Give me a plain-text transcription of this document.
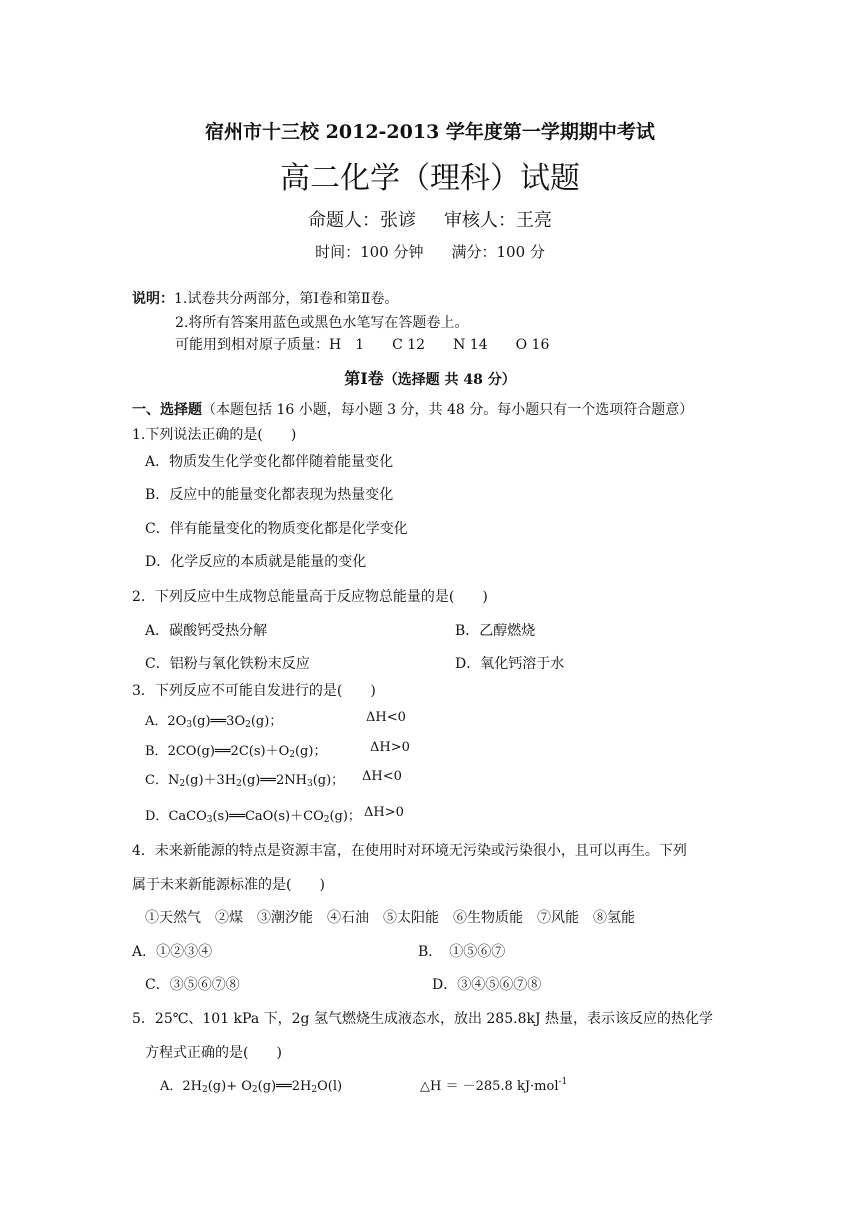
宿州市十三校 2012-2013 学年度第一学期期中考试
高二化学（理科）试题
命题人：张谚 审核人：王亮
时间：100 分钟 满分：100 分
说明：1.试卷共分两部分，第Ⅰ卷和第Ⅱ卷。
2.将所有答案用蓝色或黑色水笔写在答题卷上。
可能用到相对原子质量：H　1　　C 12　　N 14　　O 16
第Ⅰ卷（选择题 共 48 分）
一、选择题（本题包括 16 小题，每小题 3 分，共 48 分。每小题只有一个选项符合题意）
1.下列说法正确的是(　　)
A．物质发生化学变化都伴随着能量变化
B．反应中的能量变化都表现为热量变化
C．伴有能量变化的物质变化都是化学变化
D．化学反应的本质就是能量的变化
2．下列反应中生成物总能量高于反应物总能量的是(　　)
A．碳酸钙受热分解	B．乙醇燃烧
C．铝粉与氧化铁粉末反应	D．氧化钙溶于水
3．下列反应不可能自发进行的是(　　)
A．$2O_3(g)══3O_2(g)$；	ΔH<0
B．$2CO(g)══2C(s)+O_2(g)$；	ΔH>0
C．$N_2(g)+3H_2(g)══2NH_3(g)$； ΔH<0
D．$CaCO_3(s)══CaO(s)+CO_2(g)$； ΔH>0
4．未来新能源的特点是资源丰富，在使用时对环境无污染或污染很小，且可以再生。下列
属于未来新能源标准的是(　　)
①天然气　②煤　③潮汐能　④石油　⑤太阳能　⑥生物质能　⑦风能　⑧氢能
A．①②③④	B．　①⑤⑥⑦
C．③⑤⑥⑦⑧	D．③④⑤⑥⑦⑧
5．25℃、101 kPa 下，2g 氢气燃烧生成液态水，放出 285.8kJ 热量，表示该反应的热化学
方程式正确的是(　　)
A．$2H_2(g)+$ $O_2(g)══2H_2O(l)$	△H ＝ －285.8 kJ·mol$^{-1}$
